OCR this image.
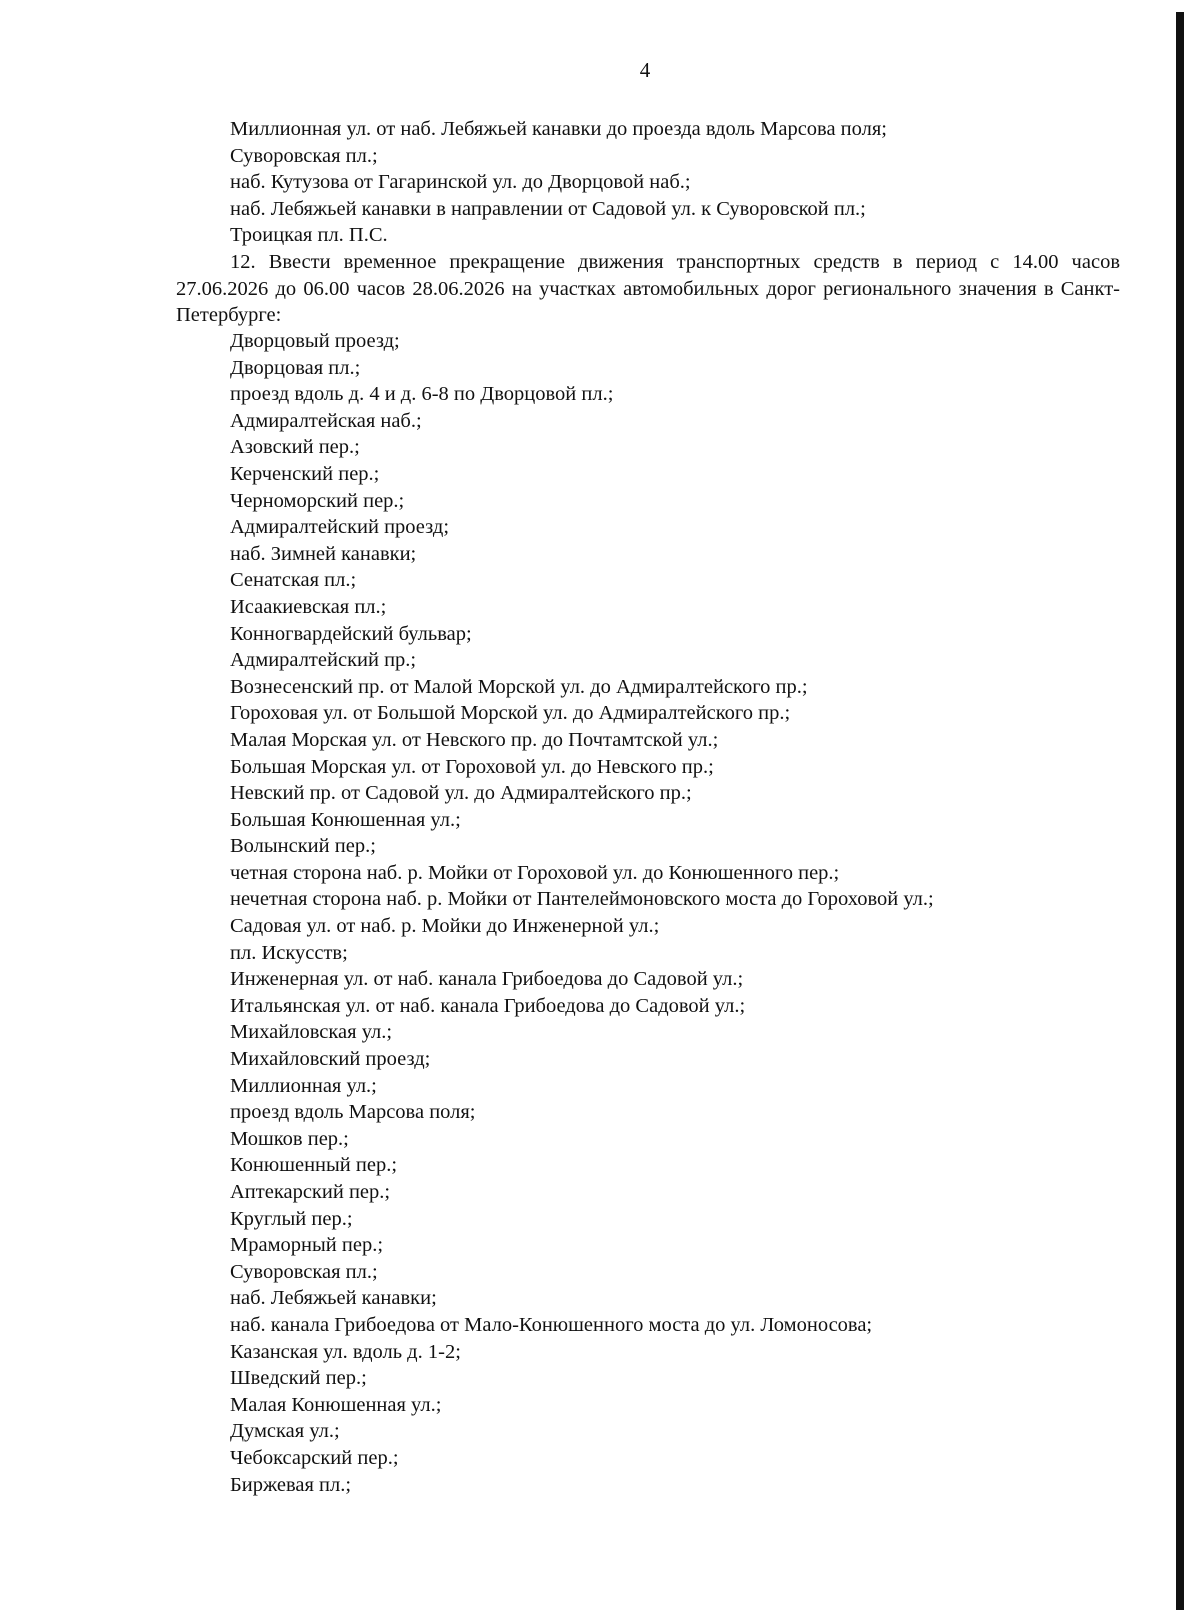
4

Миллионная ул. от наб. Лебяжьей канавки до проезда вдоль Марсова поля;
Суворовская пл.;
наб. Кутузова от Гагаринской ул. до Дворцовой наб.;
наб. Лебяжьей канавки в направлении от Садовой ул. к Суворовской пл.;
Троицкая пл. П.С.

12. Ввести временное прекращение движения транспортных средств в период с 14.00 часов 27.06.2026 до 06.00 часов 28.06.2026 на участках автомобильных дорог регионального значения в Санкт-Петербурге:

Дворцовый проезд;
Дворцовая пл.;
проезд вдоль д. 4 и д. 6-8 по Дворцовой пл.;
Адмиралтейская наб.;
Азовский пер.;
Керченский пер.;
Черноморский пер.;
Адмиралтейский проезд;
наб. Зимней канавки;
Сенатская пл.;
Исаакиевская пл.;
Конногвардейский бульвар;
Адмиралтейский пр.;
Вознесенский пр. от Малой Морской ул. до Адмиралтейского пр.;
Гороховая ул. от Большой Морской ул. до Адмиралтейского пр.;
Малая Морская ул. от Невского пр. до Почтамтской ул.;
Большая Морская ул. от Гороховой ул. до Невского пр.;
Невский пр. от Садовой ул. до Адмиралтейского пр.;
Большая Конюшенная ул.;
Волынский пер.;
четная сторона наб. р. Мойки от Гороховой ул. до Конюшенного пер.;
нечетная сторона наб. р. Мойки от Пантелеймоновского моста до Гороховой ул.;
Садовая ул. от наб. р. Мойки до Инженерной ул.;
пл. Искусств;
Инженерная ул. от наб. канала Грибоедова до Садовой ул.;
Итальянская ул. от наб. канала Грибоедова до Садовой ул.;
Михайловская ул.;
Михайловский проезд;
Миллионная ул.;
проезд вдоль Марсова поля;
Мошков пер.;
Конюшенный пер.;
Аптекарский пер.;
Круглый пер.;
Мраморный пер.;
Суворовская пл.;
наб. Лебяжьей канавки;
наб. канала Грибоедова от Мало-Конюшенного моста до ул. Ломоносова;
Казанская ул. вдоль д. 1-2;
Шведский пер.;
Малая Конюшенная ул.;
Думская ул.;
Чебоксарский пер.;
Биржевая пл.;
